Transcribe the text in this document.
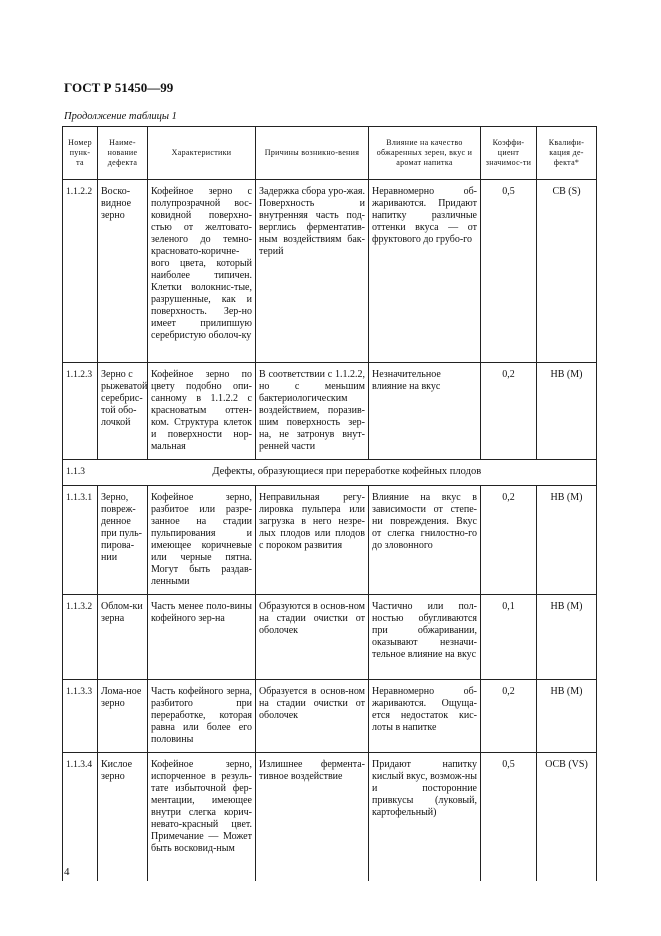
ГОСТ Р 51450—99
Продолжение таблицы 1
Номер пунк-та	Наиме-нование дефекта	Характеристики	Причины возникно-вения	Влияние на качество обжаренных зерен, вкус и аромат напитка	Коэффи-циент значимос-ти	Квалифи-кация де-фекта*
1.1.2.2	Воско-видное зерно	Кофейное зерно с полупрозрачной вос-ковидной поверхно-стью от желтовато-зеленого до темно-красновато-коричне-вого цвета, который наиболее типичен. Клетки волокнис-тые, разрушенные, как и поверхность. Зер-но имеет прилипшую серебристую оболоч-ку	Задержка сбора уро-жая. Поверхность и внутренняя часть под-верглись ферментатив-ным воздействиям бак-терий	Неравномерно об-жариваются. Придают напитку различные оттенки вкуса — от фруктового до грубо-го	0,5	СВ (S)
1.1.2.3	Зерно с рыжеватой серебрис-той обо-лочкой	Кофейное зерно по цвету подобно опи-санному в 1.1.2.2 с красноватым оттен-ком. Структура клеток и поверхности нор-мальная	В соответствии с 1.1.2.2, но с меньшим бактериологическим воздействием, поразив-шим поверхность зер-на, не затронув внут-ренней части	Незначительное влияние на вкус	0,2	НВ (М)
1.1.3	Дефекты, образующиеся при переработке кофейных плодов					
1.1.3.1	Зерно, повреж-денное при пуль-пирова-нии	Кофейное зерно, разбитое или разре-занное на стадии пульпирования и имеющее коричневые или черные пятна. Могут быть раздав-ленными	Неправильная регу-лировка пульпера или загрузка в него незре-лых плодов или плодов с пороком развития	Влияние на вкус в зависимости от степе-ни повреждения. Вкус от слегка гнилостно-го до зловонного	0,2	НВ (М)
1.1.3.2	Облом-ки зерна	Часть менее поло-вины кофейного зер-на	Образуются в основ-ном на стадии очистки от оболочек	Частично или пол-ностью обугливаются при обжаривании, оказывают незначи-тельное влияние на вкус	0,1	НВ (М)
1.1.3.3	Лома-ное зерно	Часть кофейного зерна, разбитого при переработке, которая равна или более его половины	Образуется в основ-ном на стадии очистки от оболочек	Неравномерно об-жариваются. Ощуща-ется недостаток кис-лоты в напитке	0,2	НВ (М)
1.1.3.4	Кислое зерно	Кофейное зерно, испорченное в резуль-тате избыточной фер-ментации, имеющее внутри слегка корич-невато-красный цвет. Примечание — Может быть восковид-ным	Излишнее фермента-тивное воздействие	Придают напитку кислый вкус, возмож-ны и посторонние привкусы (луковый, картофельный)	0,5	ОСВ (VS)
4
